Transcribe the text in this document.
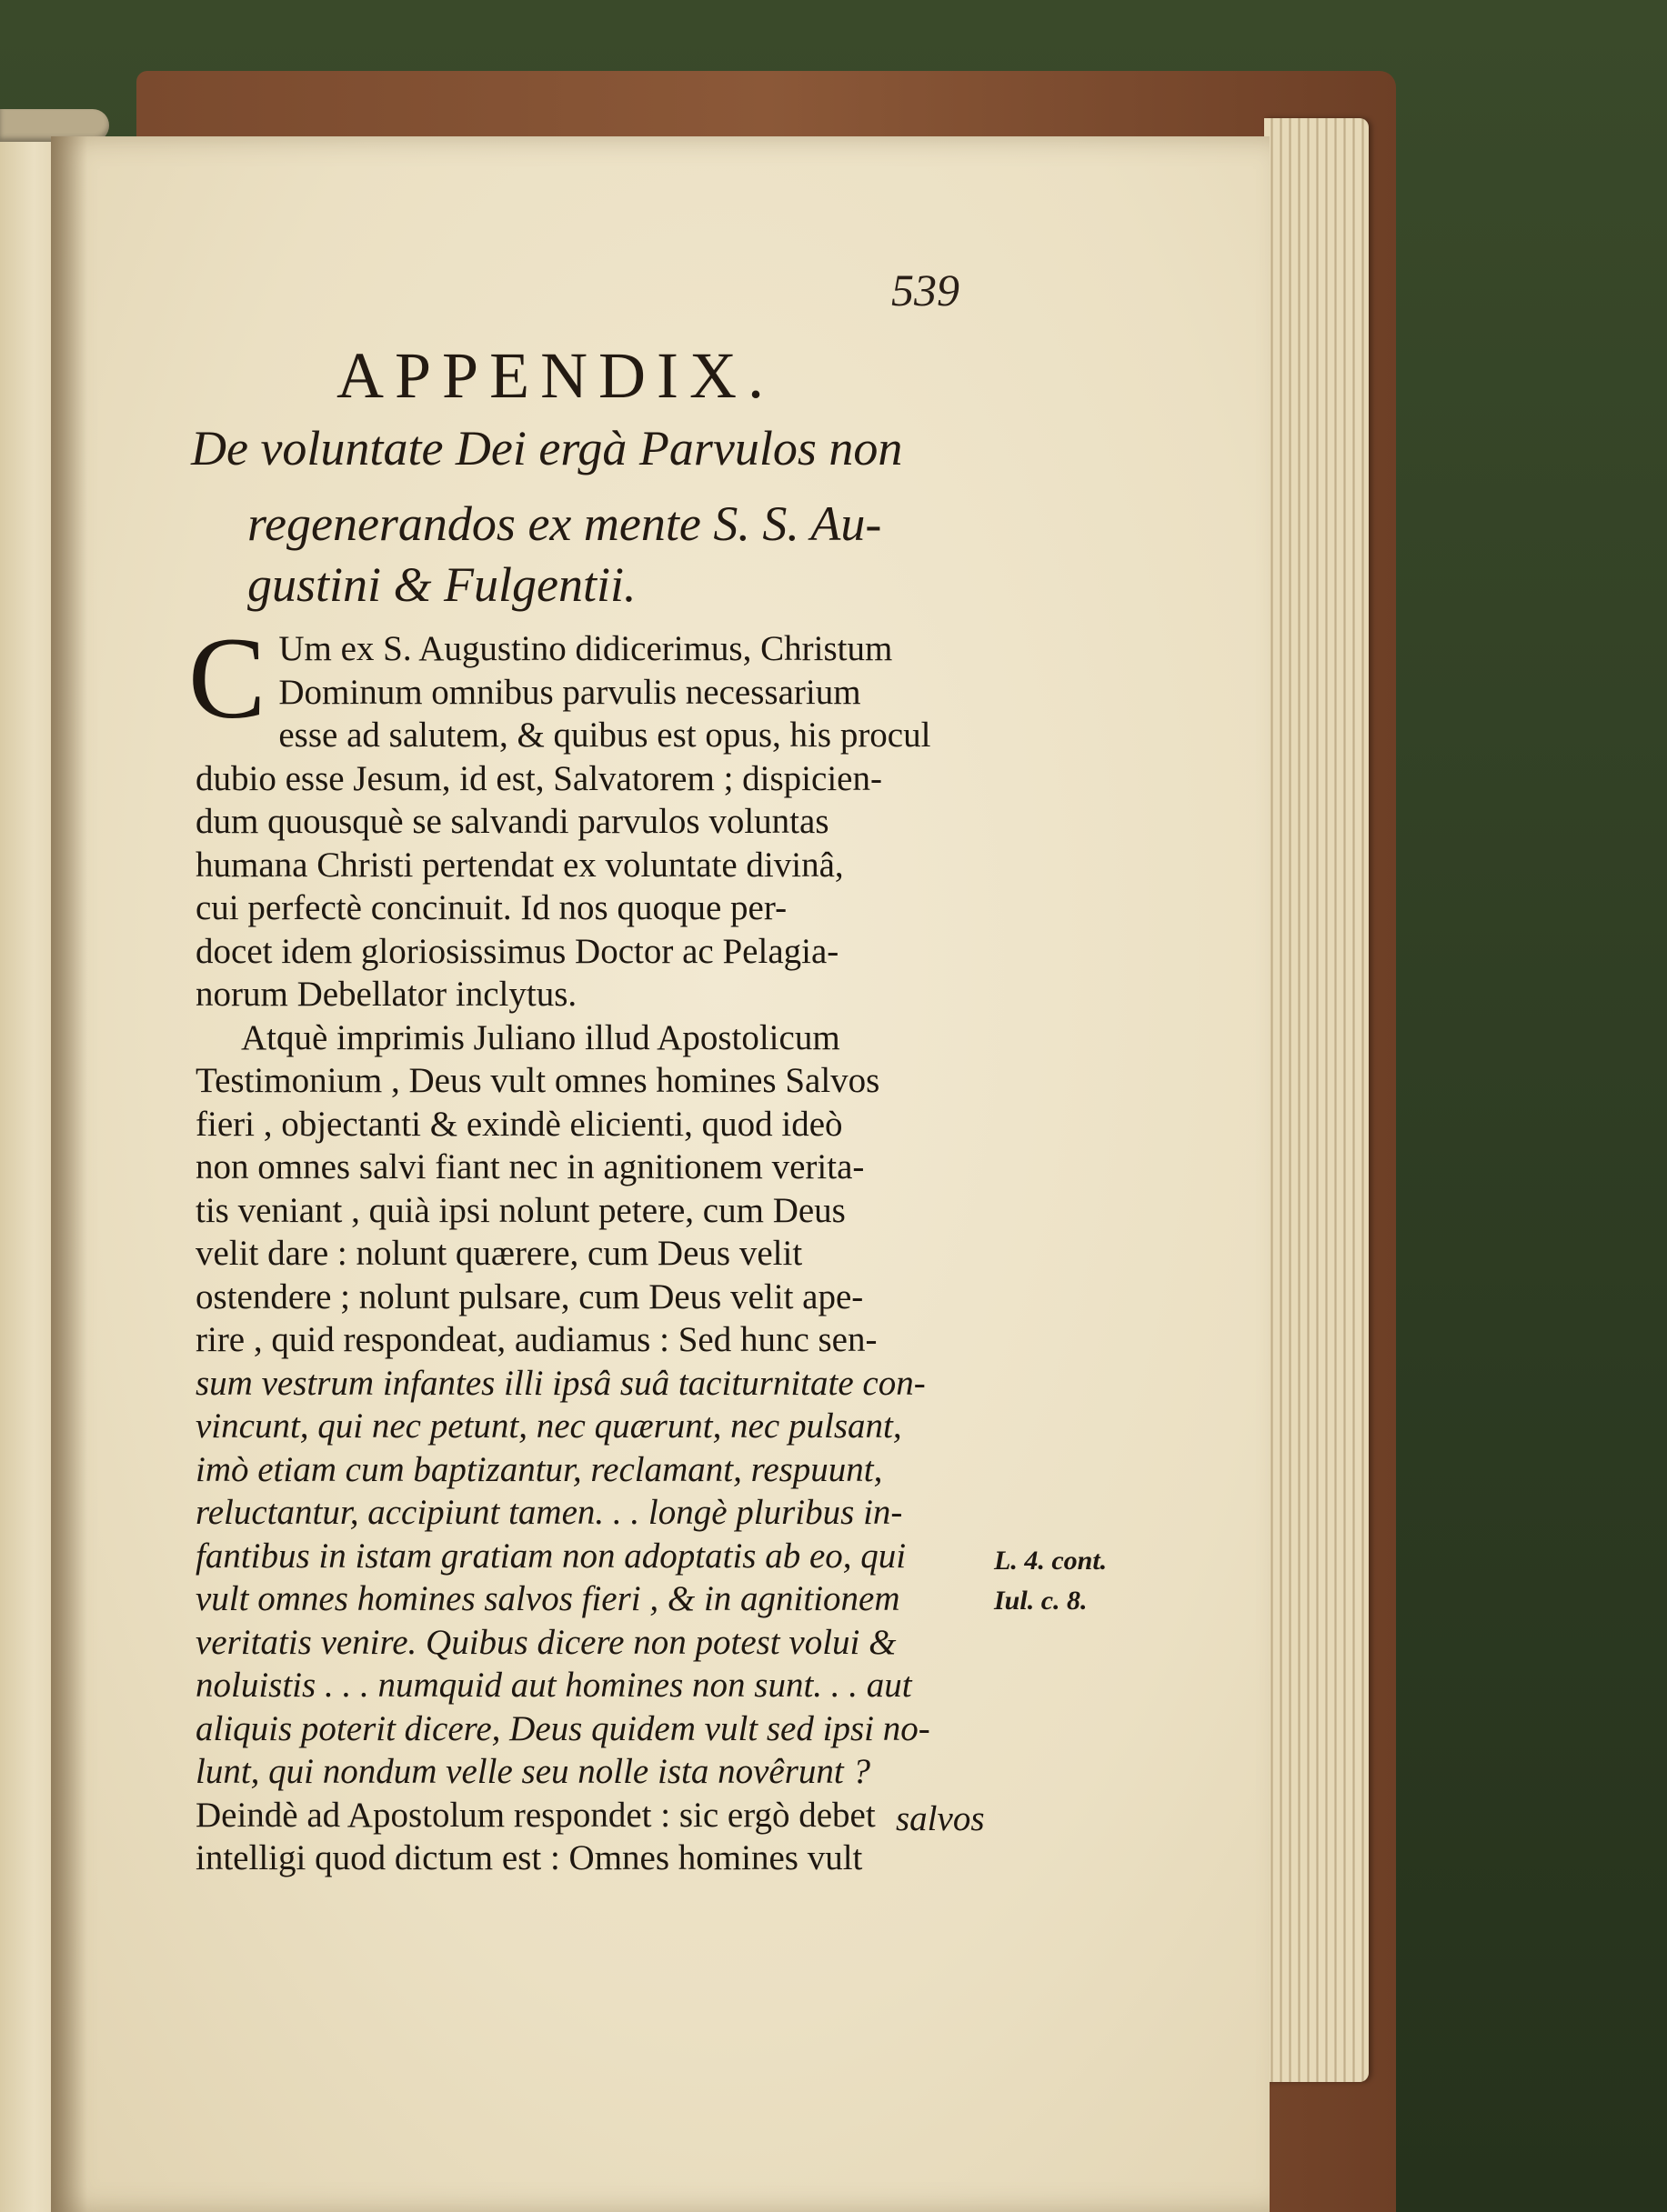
539
APPENDIX.
De voluntate Dei ergà Parvulos non
regenerandos ex mente S. S. Au-
gustini & Fulgentii.
C Um ex S. Augustino didicerimus, Christum
Dominum omnibus parvulis necessarium
esse ad salutem, & quibus est opus, his procul
dubio esse Jesum, id est, Salvatorem ; dispicien-
dum quousquè se salvandi parvulos voluntas
humana Christi pertendat ex voluntate divinâ,
cui perfectè concinuit. Id nos quoque per-
docet idem gloriosissimus Doctor ac Pelagia-
norum Debellator inclytus.
Atquè imprimis Juliano illud Apostolicum
Testimonium , Deus vult omnes homines Salvos
fieri , objectanti & exindè elicienti, quod ideò
non omnes salvi fiant nec in agnitionem verita-
tis veniant , quià ipsi nolunt petere, cum Deus
velit dare : nolunt quærere, cum Deus velit
ostendere ; nolunt pulsare, cum Deus velit ape-
rire , quid respondeat, audiamus : Sed hunc sen-
sum vestrum infantes illi ipsâ suâ taciturnitate con-
vincunt, qui nec petunt, nec quærunt, nec pulsant,
imò etiam cum baptizantur, reclamant, respuunt,
reluctantur, accipiunt tamen. . . longè pluribus in-
fantibus in istam gratiam non adoptatis ab eo, qui
vult omnes homines salvos fieri , & in agnitionem
veritatis venire. Quibus dicere non potest volui &
noluistis . . . numquid aut homines non sunt. . . aut
aliquis poterit dicere, Deus quidem vult sed ipsi no-
lunt, qui nondum velle seu nolle ista novêrunt ?
Deindè ad Apostolum respondet : sic ergò debet
intelligi quod dictum est : Omnes homines vult
salvos
L. 4. cont.
Iul. c. 8.
